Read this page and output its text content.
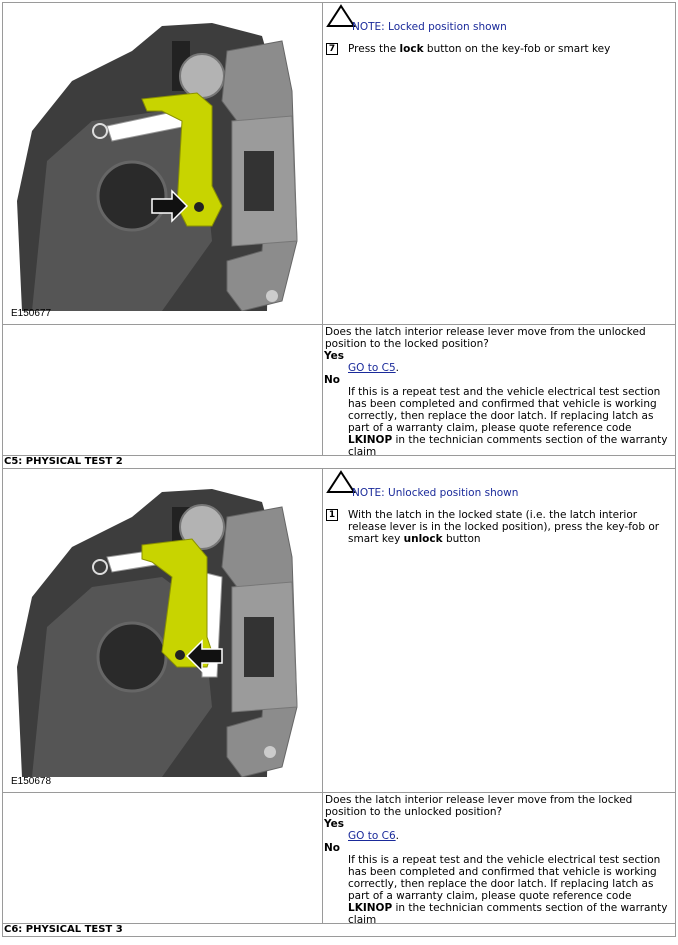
E150677
NOTE: Locked position shown
7 Press the lock button on the key-fob or smart key
Does the latch interior release lever move from the unlocked position to the locked position?
Yes
GO to C5.
No
If this is a repeat test and the vehicle electrical test section has been completed and confirmed that vehicle is working correctly, then replace the door latch. If replacing latch as part of a warranty claim, please quote reference code LKINOP in the technician comments section of the warranty claim
C5: PHYSICAL TEST 2
E150678
NOTE: Unlocked position shown
1 With the latch in the locked state (i.e. the latch interior release lever is in the locked position), press the key-fob or smart key unlock button
Does the latch interior release lever move from the locked position to the unlocked position?
Yes
GO to C6.
No
If this is a repeat test and the vehicle electrical test section has been completed and confirmed that vehicle is working correctly, then replace the door latch. If replacing latch as part of a warranty claim, please quote reference code LKINOP in the technician comments section of the warranty claim
C6: PHYSICAL TEST 3
